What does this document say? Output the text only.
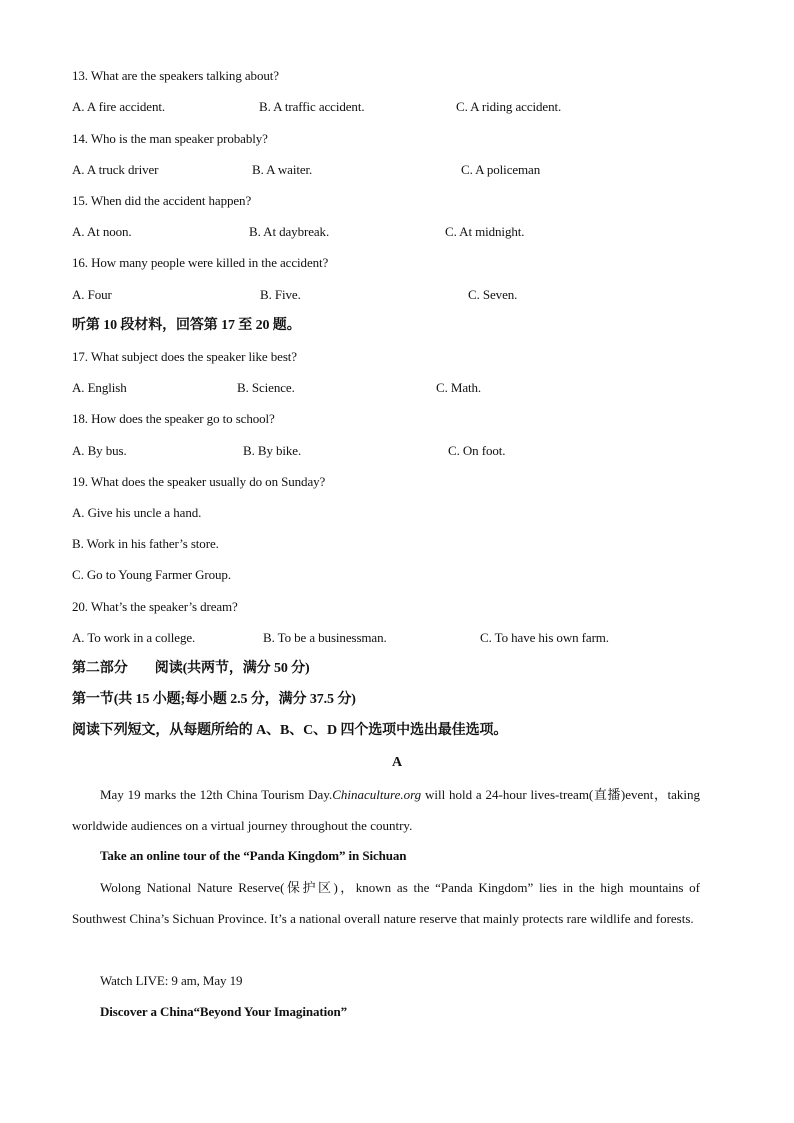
13. What are the speakers talking about?
A. A fire accident.	B. A traffic accident.	C. A riding accident.
14. Who is the man speaker probably?
A. A truck driver	B. A waiter.	C. A policeman
15. When did the accident happen?
A. At noon.	B. At daybreak.	C. At midnight.
16. How many people were killed in the accident?
A. Four	B. Five.	C. Seven.
听第 10 段材料，回答第 17 至 20 题。
17. What subject does the speaker like best?
A. English	B. Science.	C. Math.
18. How does the speaker go to school?
A. By bus.	B. By bike.	C. On foot.
19. What does the speaker usually do on Sunday?
A. Give his uncle a hand.
B. Work in his father’s store.
C. Go to Young Farmer Group.
20. What’s the speaker’s dream?
A. To work in a college.	B. To be a businessman.	C. To have his own farm.
第二部分        阅读(共两节，满分 50 分)
第一节(共 15 小题;每小题 2.5 分，满分 37.5 分)
阅读下列短文，从每题所给的 A、B、C、D 四个选项中选出最佳选项。
A
May 19 marks the 12th China Tourism Day.Chinaculture.org will hold a 24-hour lives-tream(直播)event，taking worldwide audiences on a virtual journey throughout the country.
Take an online tour of the “Panda Kingdom” in Sichuan
Wolong National Nature Reserve(保护区)，known as the “Panda Kingdom” lies in the high mountains of Southwest China’s Sichuan Province. It’s a national overall nature reserve that mainly protects rare wildlife and forests.
Watch LIVE: 9 am, May 19
Discover a China“Beyond Your Imagination”
